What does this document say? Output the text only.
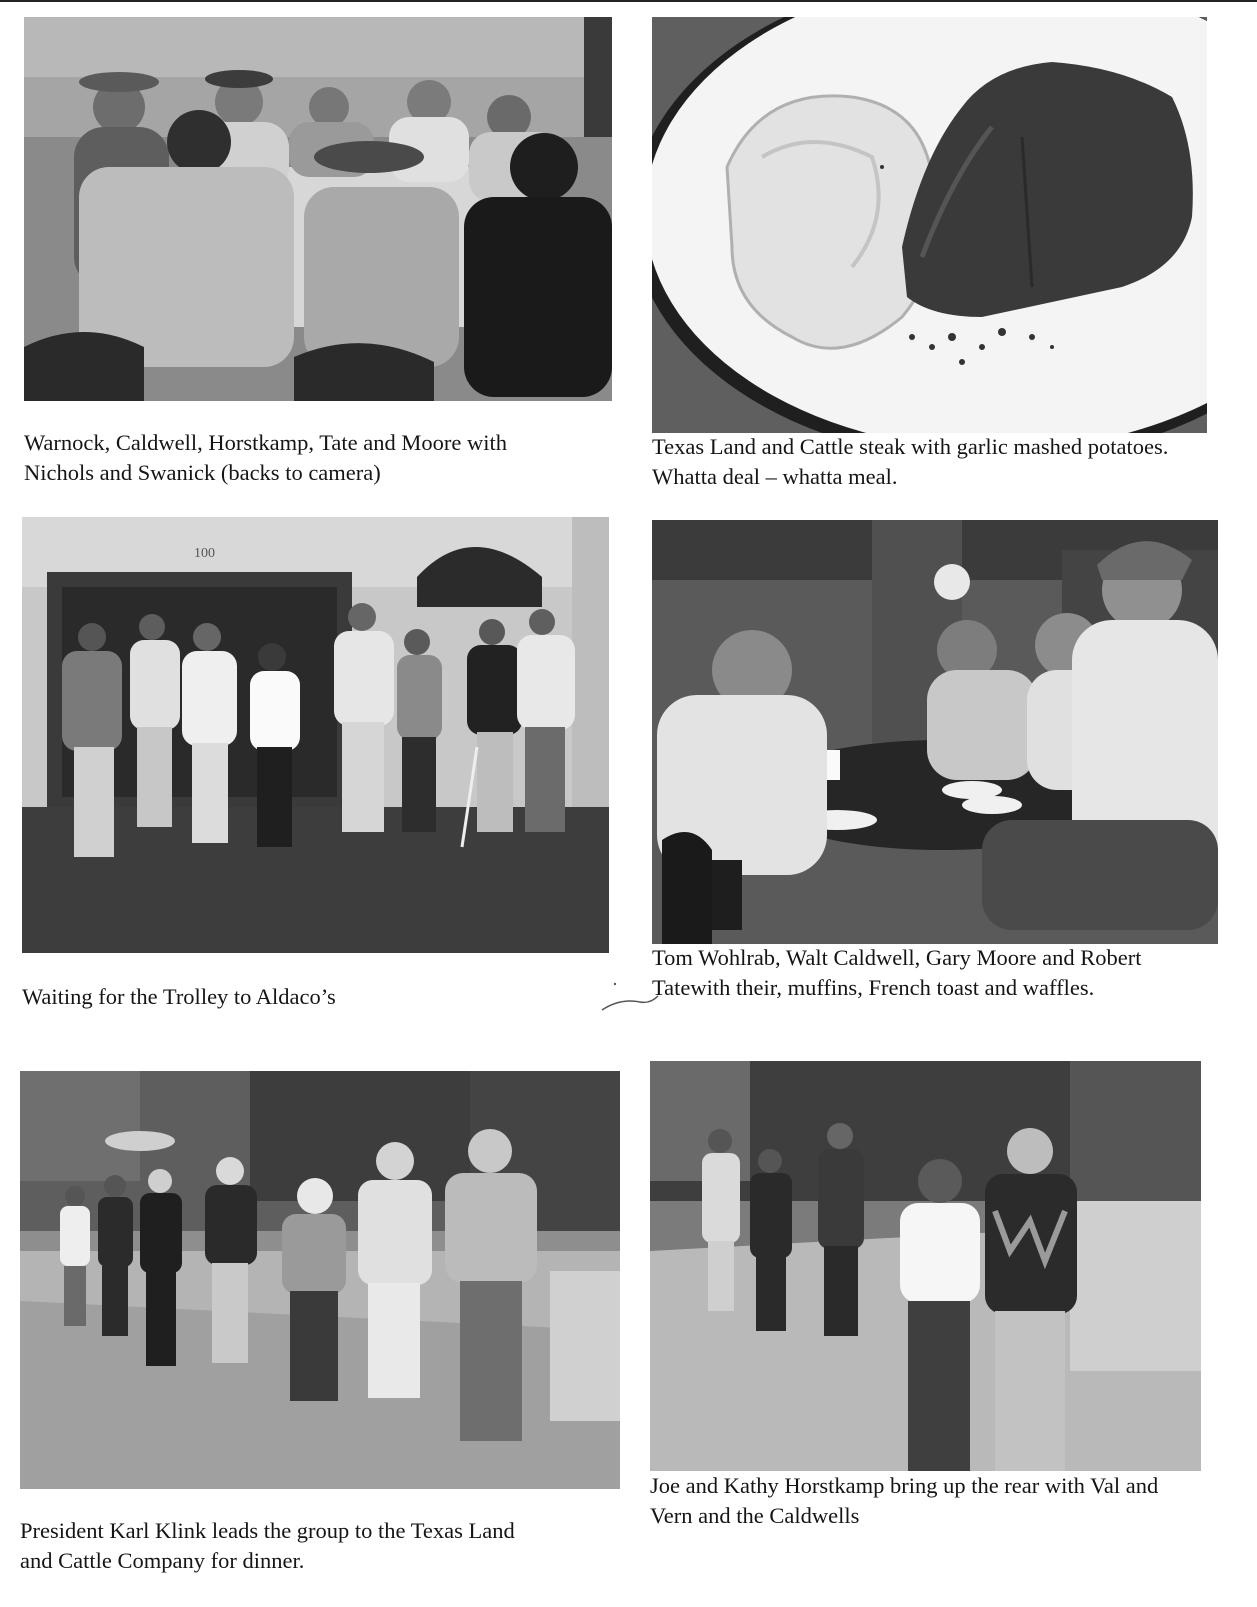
Warnock, Caldwell, Horstkamp, Tate and Moore with

Nichols and Swanick (backs to camera)

Texas Land and Cattle steak with garlic mashed potatoes.

Whatta deal – whatta meal.

100

Waiting for the Trolley to Aldaco’s

Tom Wohlrab, Walt Caldwell, Gary Moore and Robert

Tatewith their, muffins, French toast and waffles.

President Karl Klink leads the group to the Texas Land

and Cattle Company for dinner.

Joe and Kathy Horstkamp bring up the rear with Val and

Vern and the Caldwells
